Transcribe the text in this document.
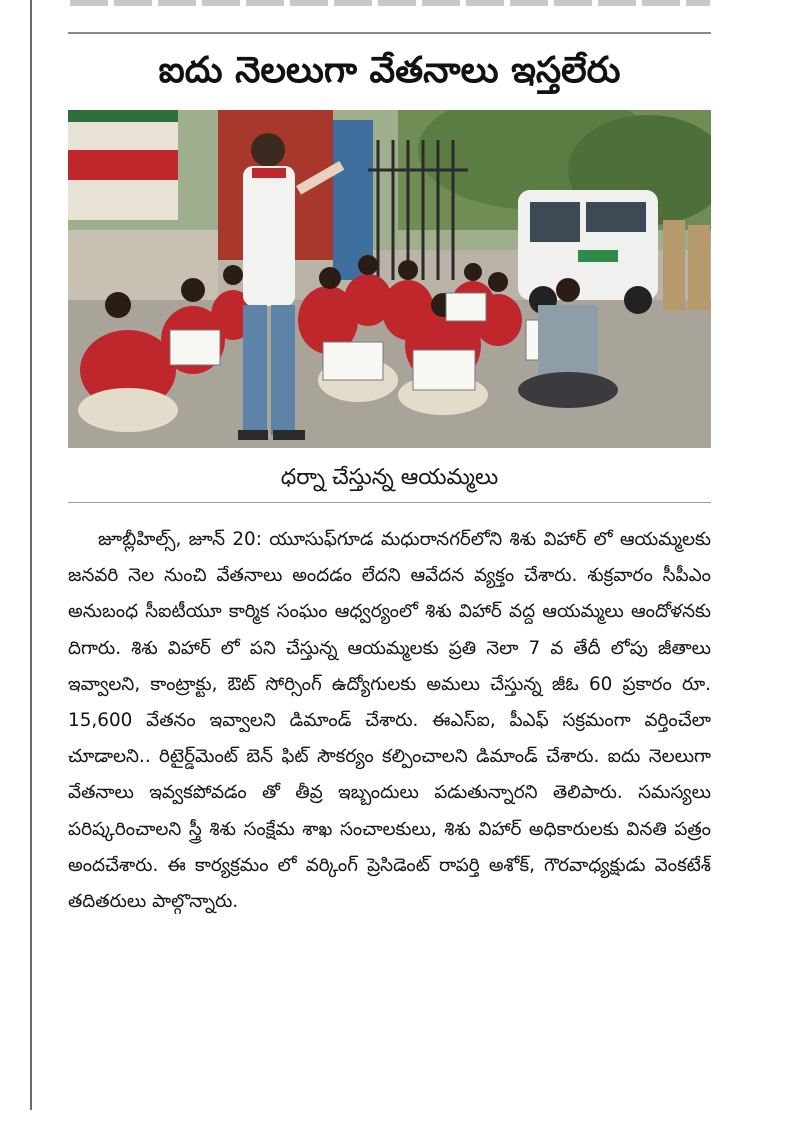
ఐదు నెలలుగా వేతనాలు ఇస్తలేరు

ధర్నా చేస్తున్న ఆయమ్మలు

జూబ్లీహిల్స్, జూన్ 20: యూసుఫ్‌గూడ మధురానగర్‌లోని శిశు విహార్ లో ఆయమ్మలకు జనవరి నెల నుంచి వేతనాలు అందడం లేదని ఆవేదన వ్యక్తం చేశారు. శుక్రవారం సీపీఎం అనుబంధ సీఐటీయూ కార్మిక సంఘం ఆధ్వర్యంలో శిశు విహార్ వద్ద ఆయమ్మలు ఆందోళనకు దిగారు. శిశు విహార్ లో పని చేస్తున్న ఆయమ్మలకు ప్రతి నెలా 7 వ తేదీ లోపు జీతాలు ఇవ్వాలని, కాంట్రాక్టు, ఔట్ సోర్సింగ్ ఉద్యోగులకు అమలు చేస్తున్న జీఓ 60 ప్రకారం రూ. 15,600 వేతనం ఇవ్వాలని డిమాండ్ చేశారు. ఈఎస్ఐ, పీఎఫ్ సక్రమంగా వర్తించేలా చూడాలని.. రిటైర్డ్‌మెంట్ బెన్ ఫిట్ సౌకర్యం కల్పించాలని డిమాండ్ చేశారు. ఐదు నెలలుగా వేతనాలు ఇవ్వకపోవడం తో తీవ్ర ఇబ్బందులు పడుతున్నారని తెలిపారు. సమస్యలు పరిష్కరించాలని స్త్రీ శిశు సంక్షేమ శాఖ సంచాలకులు, శిశు విహార్ అధికారులకు వినతి పత్రం అందచేశారు. ఈ కార్యక్రమం లో వర్కింగ్ ప్రెసిడెంట్ రాపర్తి అశోక్, గౌరవాధ్యక్షుడు వెంకటేశ్ తదితరులు పాల్గొన్నారు.
